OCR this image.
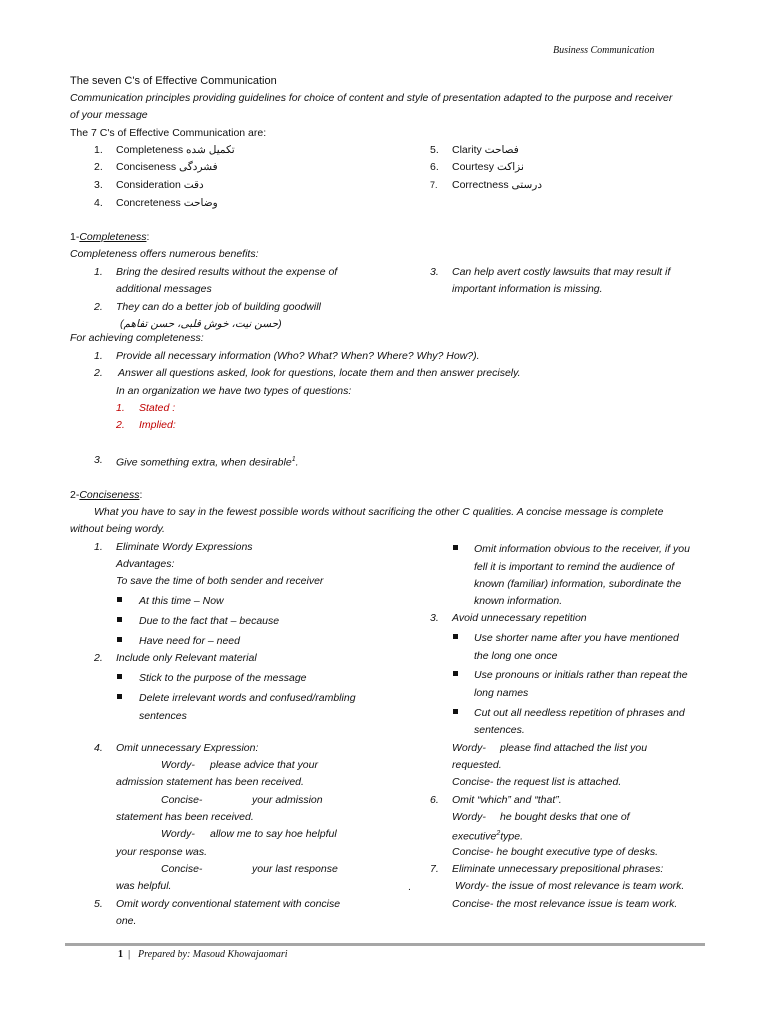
Business Communication
The seven C's of Effective Communication
Communication principles providing guidelines for choice of content and style of presentation adapted to the purpose and receiver
of your message
The 7 C's of Effective Communication are:
1. Completeness تکمیل شده
2. Conciseness فشردگی
3. Consideration دقت
4. Concreteness وضاحت
5. Clarity فصاحت
6. Courtesy نزاکت
7. Correctness درستی
1-Completeness:
Completeness offers numerous benefits:
1. Bring the desired results without the expense of
additional messages
2. They can do a better job of building goodwill
(حسن نیت، خوش قلبی، حسن تفاهم)
3. Can help avert costly lawsuits that may result if
important information is missing.
For achieving completeness:
1. Provide all necessary information (Who? What? When? Where? Why? How?).
2. Answer all questions asked, look for questions, locate them and then answer precisely.
In an organization we have two types of questions:
1. Stated :
2. Implied:
3. Give something extra, when desirable$^1$.
2-Conciseness:
What you have to say in the fewest possible words without sacrificing the other C qualities. A concise message is complete
without being wordy.
1. Eliminate Wordy Expressions
Advantages:
To save the time of both sender and receiver
At this time – Now
Due to the fact that – because
Have need for – need
2. Include only Relevant material
Stick to the purpose of the message
Delete irrelevant words and confused/rambling
sentences
4. Omit unnecessary Expression:
Wordy- please advice that your
admission statement has been received.
Concise-	your admission
statement has been received.
Wordy- allow me to say hoe helpful
your response was.
Concise-	your last response
was helpful.
5. Omit wordy conventional statement with concise
one.
Omit information obvious to the receiver, if you
fell it is important to remind the audience of
known (familiar) information, subordinate the
known information.
3. Avoid unnecessary repetition
Use shorter name after you have mentioned
the long one once
Use pronouns or initials rather than repeat the
long names
Cut out all needless repetition of phrases and
sentences.
Wordy- please find attached the list you
requested.
Concise- the request list is attached.
6. Omit “which” and “that”.
Wordy- he bought desks that one of
executive$^2$type.
Concise- he bought executive type of desks.
7. Eliminate unnecessary prepositional phrases:
.	Wordy- the issue of most relevance is team work.
Concise- the most relevance issue is team work.
1 | Prepared by: Masoud Khowajaomari
